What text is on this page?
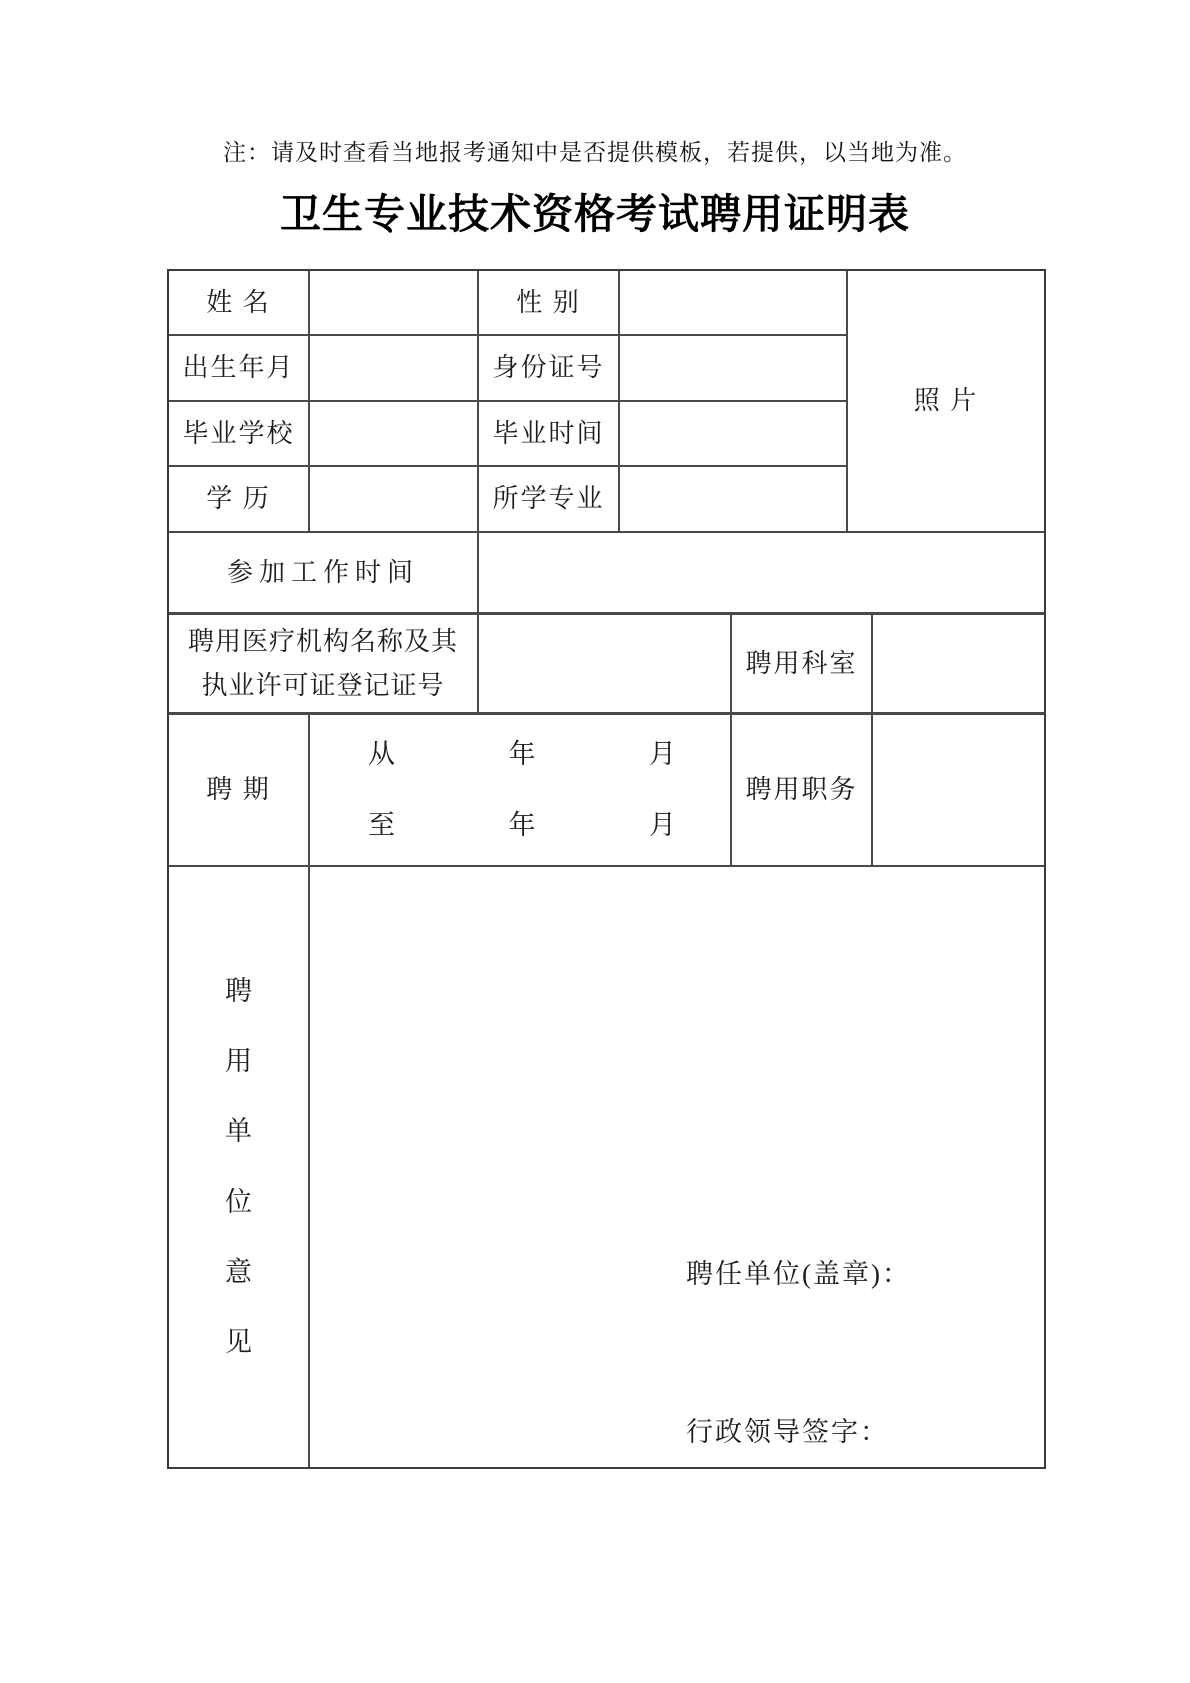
注：请及时查看当地报考通知中是否提供模板，若提供，以当地为准。
卫生专业技术资格考试聘用证明表
姓 名	性 别
照 片
出生年月	身份证号
毕业学校	毕业时间
学 历	所学专业
参加工作时间
聘用医疗机构名称及其
执业许可证登记证号
聘用科室
聘 期
从	年	月
至	年	月
聘用职务
聘
用
单
位
意
见
聘任单位(盖章)：
行政领导签字：
